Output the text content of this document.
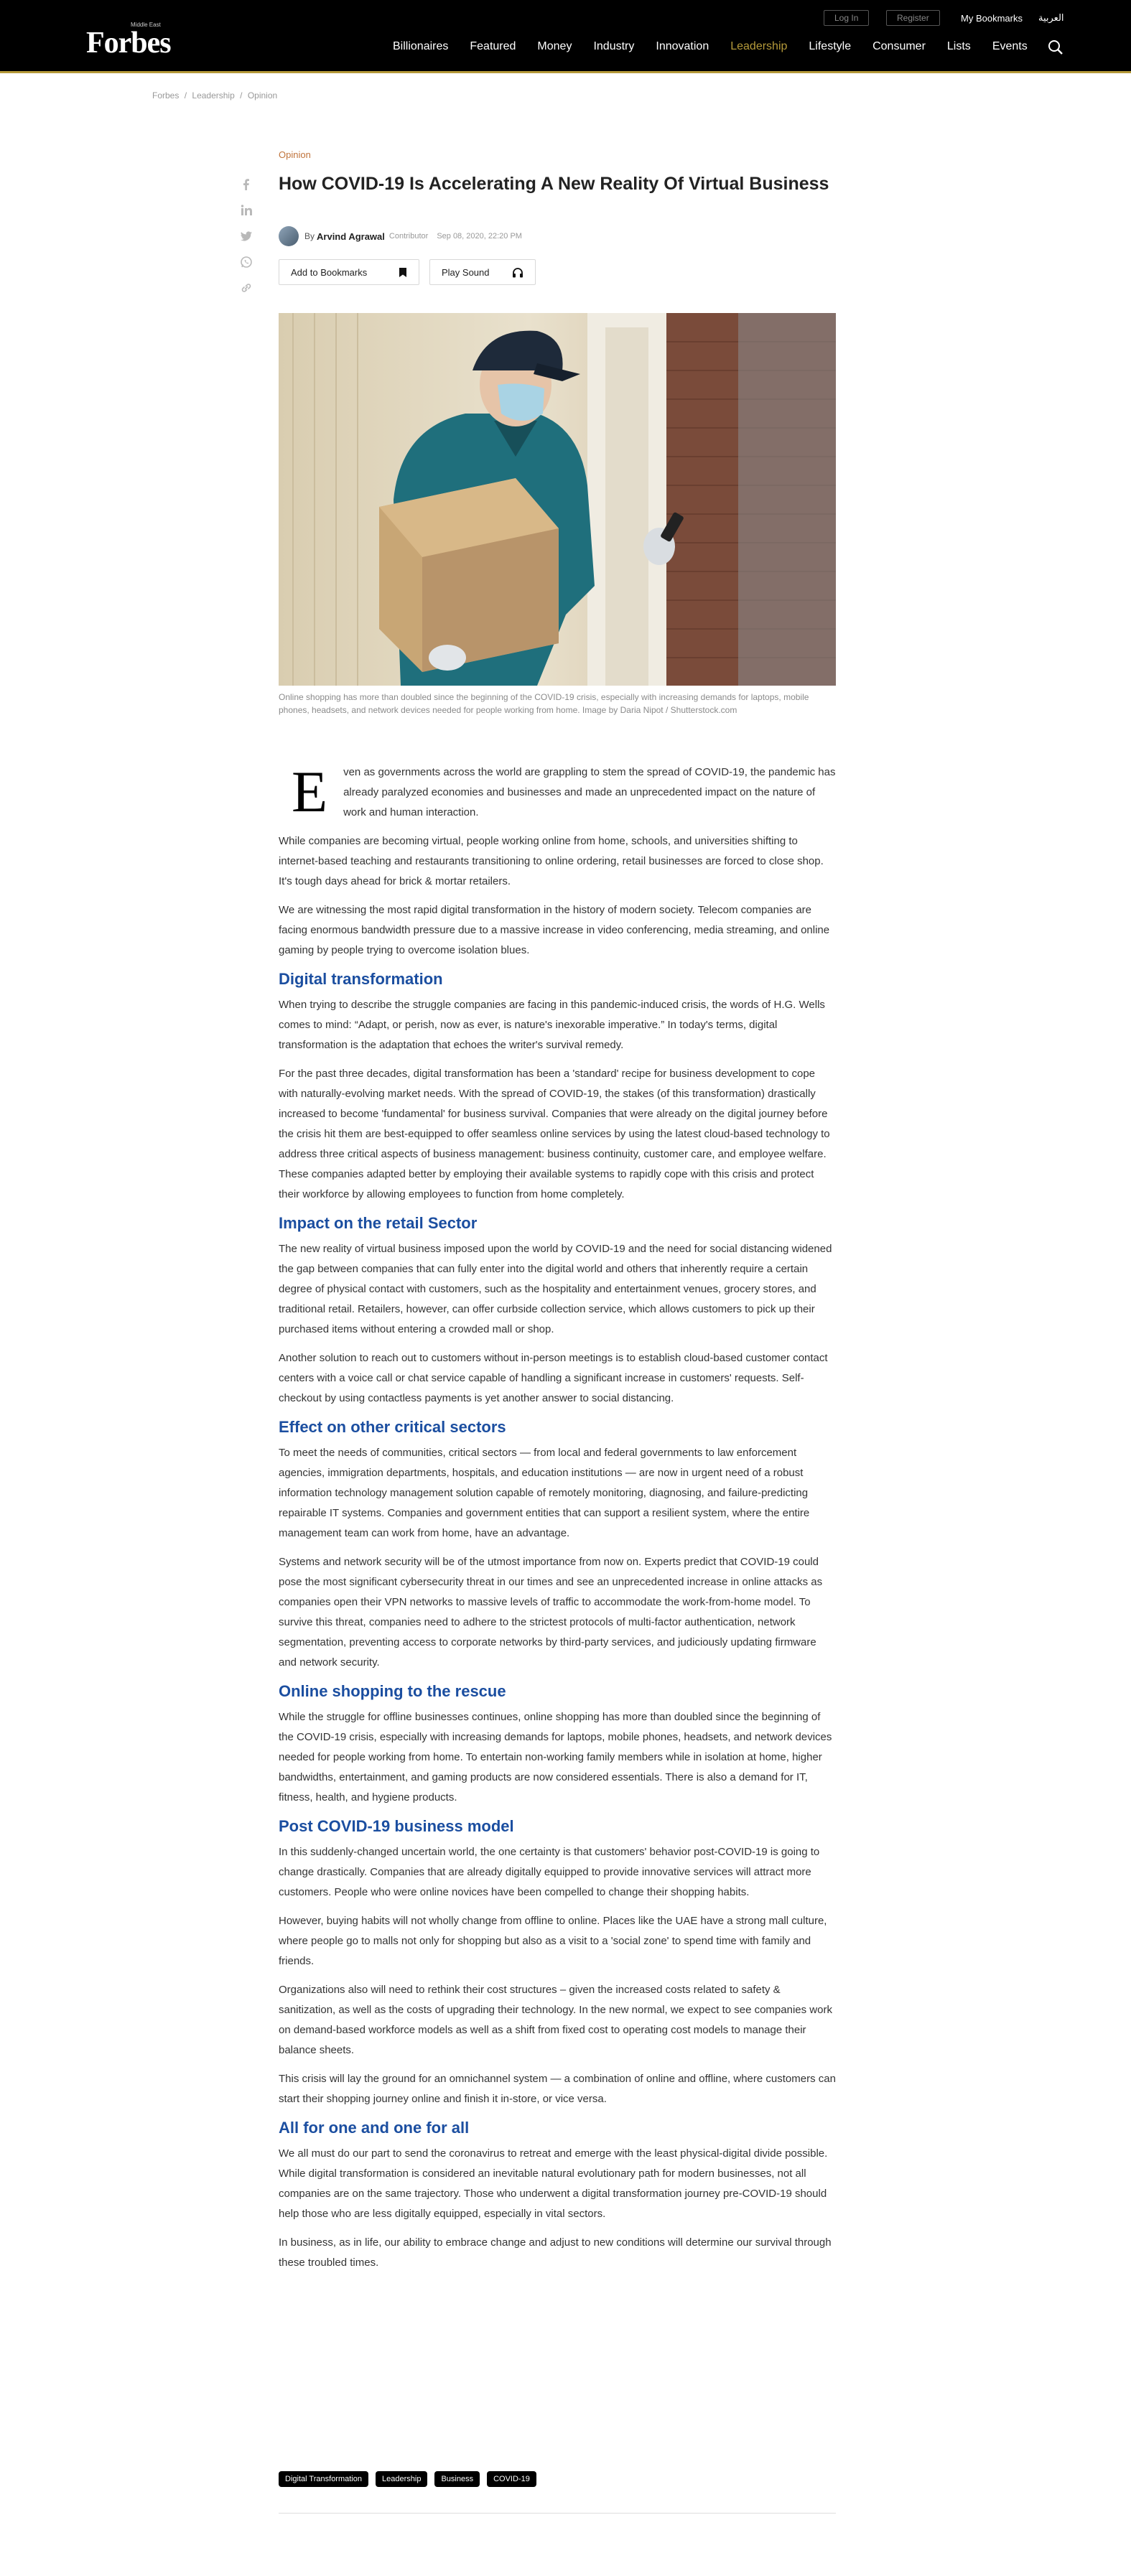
Forbes
Middle East
Log In	Register	My Bookmarks العربية
Billionaires Featured Money Industry Innovation Leadership Lifestyle Consumer Lists Events
Forbes / Leadership / Opinion
Opinion
How COVID-19 Is Accelerating A New Reality Of Virtual Business
By Arvind Agrawal Contributor Sep 08, 2020, 22:20 PM
Add to Bookmarks	Play Sound

Online shopping has more than doubled since the beginning of the COVID-19 crisis, especially with increasing demands for laptops, mobile phones, headsets, and network devices needed for people working from home. Image by Daria Nipot / Shutterstock.com

E	ven as governments across the world are grappling to stem the spread of COVID-19, the pandemic has already paralyzed economies and businesses and made an unprecedented impact on the nature of work and human interaction.

While companies are becoming virtual, people working online from home, schools, and universities shifting to internet-based teaching and restaurants transitioning to online ordering, retail businesses are forced to close shop. It's tough days ahead for brick & mortar retailers.

We are witnessing the most rapid digital transformation in the history of modern society. Telecom companies are facing enormous bandwidth pressure due to a massive increase in video conferencing, media streaming, and online gaming by people trying to overcome isolation blues.

Digital transformation

When trying to describe the struggle companies are facing in this pandemic-induced crisis, the words of H.G. Wells comes to mind: “Adapt, or perish, now as ever, is nature's inexorable imperative.” In today's terms, digital transformation is the adaptation that echoes the writer's survival remedy.

For the past three decades, digital transformation has been a 'standard' recipe for business development to cope with naturally-evolving market needs. With the spread of COVID-19, the stakes (of this transformation) drastically increased to become 'fundamental' for business survival. Companies that were already on the digital journey before the crisis hit them are best-equipped to offer seamless online services by using the latest cloud-based technology to address three critical aspects of business management: business continuity, customer care, and employee welfare. These companies adapted better by employing their available systems to rapidly cope with this crisis and protect their workforce by allowing employees to function from home completely.

Impact on the retail Sector

The new reality of virtual business imposed upon the world by COVID-19 and the need for social distancing widened the gap between companies that can fully enter into the digital world and others that inherently require a certain degree of physical contact with customers, such as the hospitality and entertainment venues, grocery stores, and traditional retail. Retailers, however, can offer curbside collection service, which allows customers to pick up their purchased items without entering a crowded mall or shop.

Another solution to reach out to customers without in-person meetings is to establish cloud-based customer contact centers with a voice call or chat service capable of handling a significant increase in customers' requests. Self-checkout by using contactless payments is yet another answer to social distancing.

Effect on other critical sectors

To meet the needs of communities, critical sectors — from local and federal governments to law enforcement agencies, immigration departments, hospitals, and education institutions — are now in urgent need of a robust information technology management solution capable of remotely monitoring, diagnosing, and failure-predicting repairable IT systems. Companies and government entities that can support a resilient system, where the entire management team can work from home, have an advantage.

Systems and network security will be of the utmost importance from now on. Experts predict that COVID-19 could pose the most significant cybersecurity threat in our times and see an unprecedented increase in online attacks as companies open their VPN networks to massive levels of traffic to accommodate the work-from-home model. To survive this threat, companies need to adhere to the strictest protocols of multi-factor authentication, network segmentation, preventing access to corporate networks by third-party services, and judiciously updating firmware and network security.

Online shopping to the rescue

While the struggle for offline businesses continues, online shopping has more than doubled since the beginning of the COVID-19 crisis, especially with increasing demands for laptops, mobile phones, headsets, and network devices needed for people working from home. To entertain non-working family members while in isolation at home, higher bandwidths, entertainment, and gaming products are now considered essentials. There is also a demand for IT, fitness, health, and hygiene products.

Post COVID-19 business model

In this suddenly-changed uncertain world, the one certainty is that customers' behavior post-COVID-19 is going to change drastically. Companies that are already digitally equipped to provide innovative services will attract more customers. People who were online novices have been compelled to change their shopping habits.

However, buying habits will not wholly change from offline to online. Places like the UAE have a strong mall culture, where people go to malls not only for shopping but also as a visit to a 'social zone' to spend time with family and friends.

Organizations also will need to rethink their cost structures – given the increased costs related to safety & sanitization, as well as the costs of upgrading their technology. In the new normal, we expect to see companies work on demand-based workforce models as well as a shift from fixed cost to operating cost models to manage their balance sheets.

This crisis will lay the ground for an omnichannel system — a combination of online and offline, where customers can start their shopping journey online and finish it in-store, or vice versa.

All for one and one for all

We all must do our part to send the coronavirus to retreat and emerge with the least physical-digital divide possible. While digital transformation is considered an inevitable natural evolutionary path for modern businesses, not all companies are on the same trajectory. Those who underwent a digital transformation journey pre-COVID-19 should help those who are less digitally equipped, especially in vital sectors.

In business, as in life, our ability to embrace change and adjust to new conditions will determine our survival through these troubled times.

Digital Transformation	Leadership	Business	COVID-19
